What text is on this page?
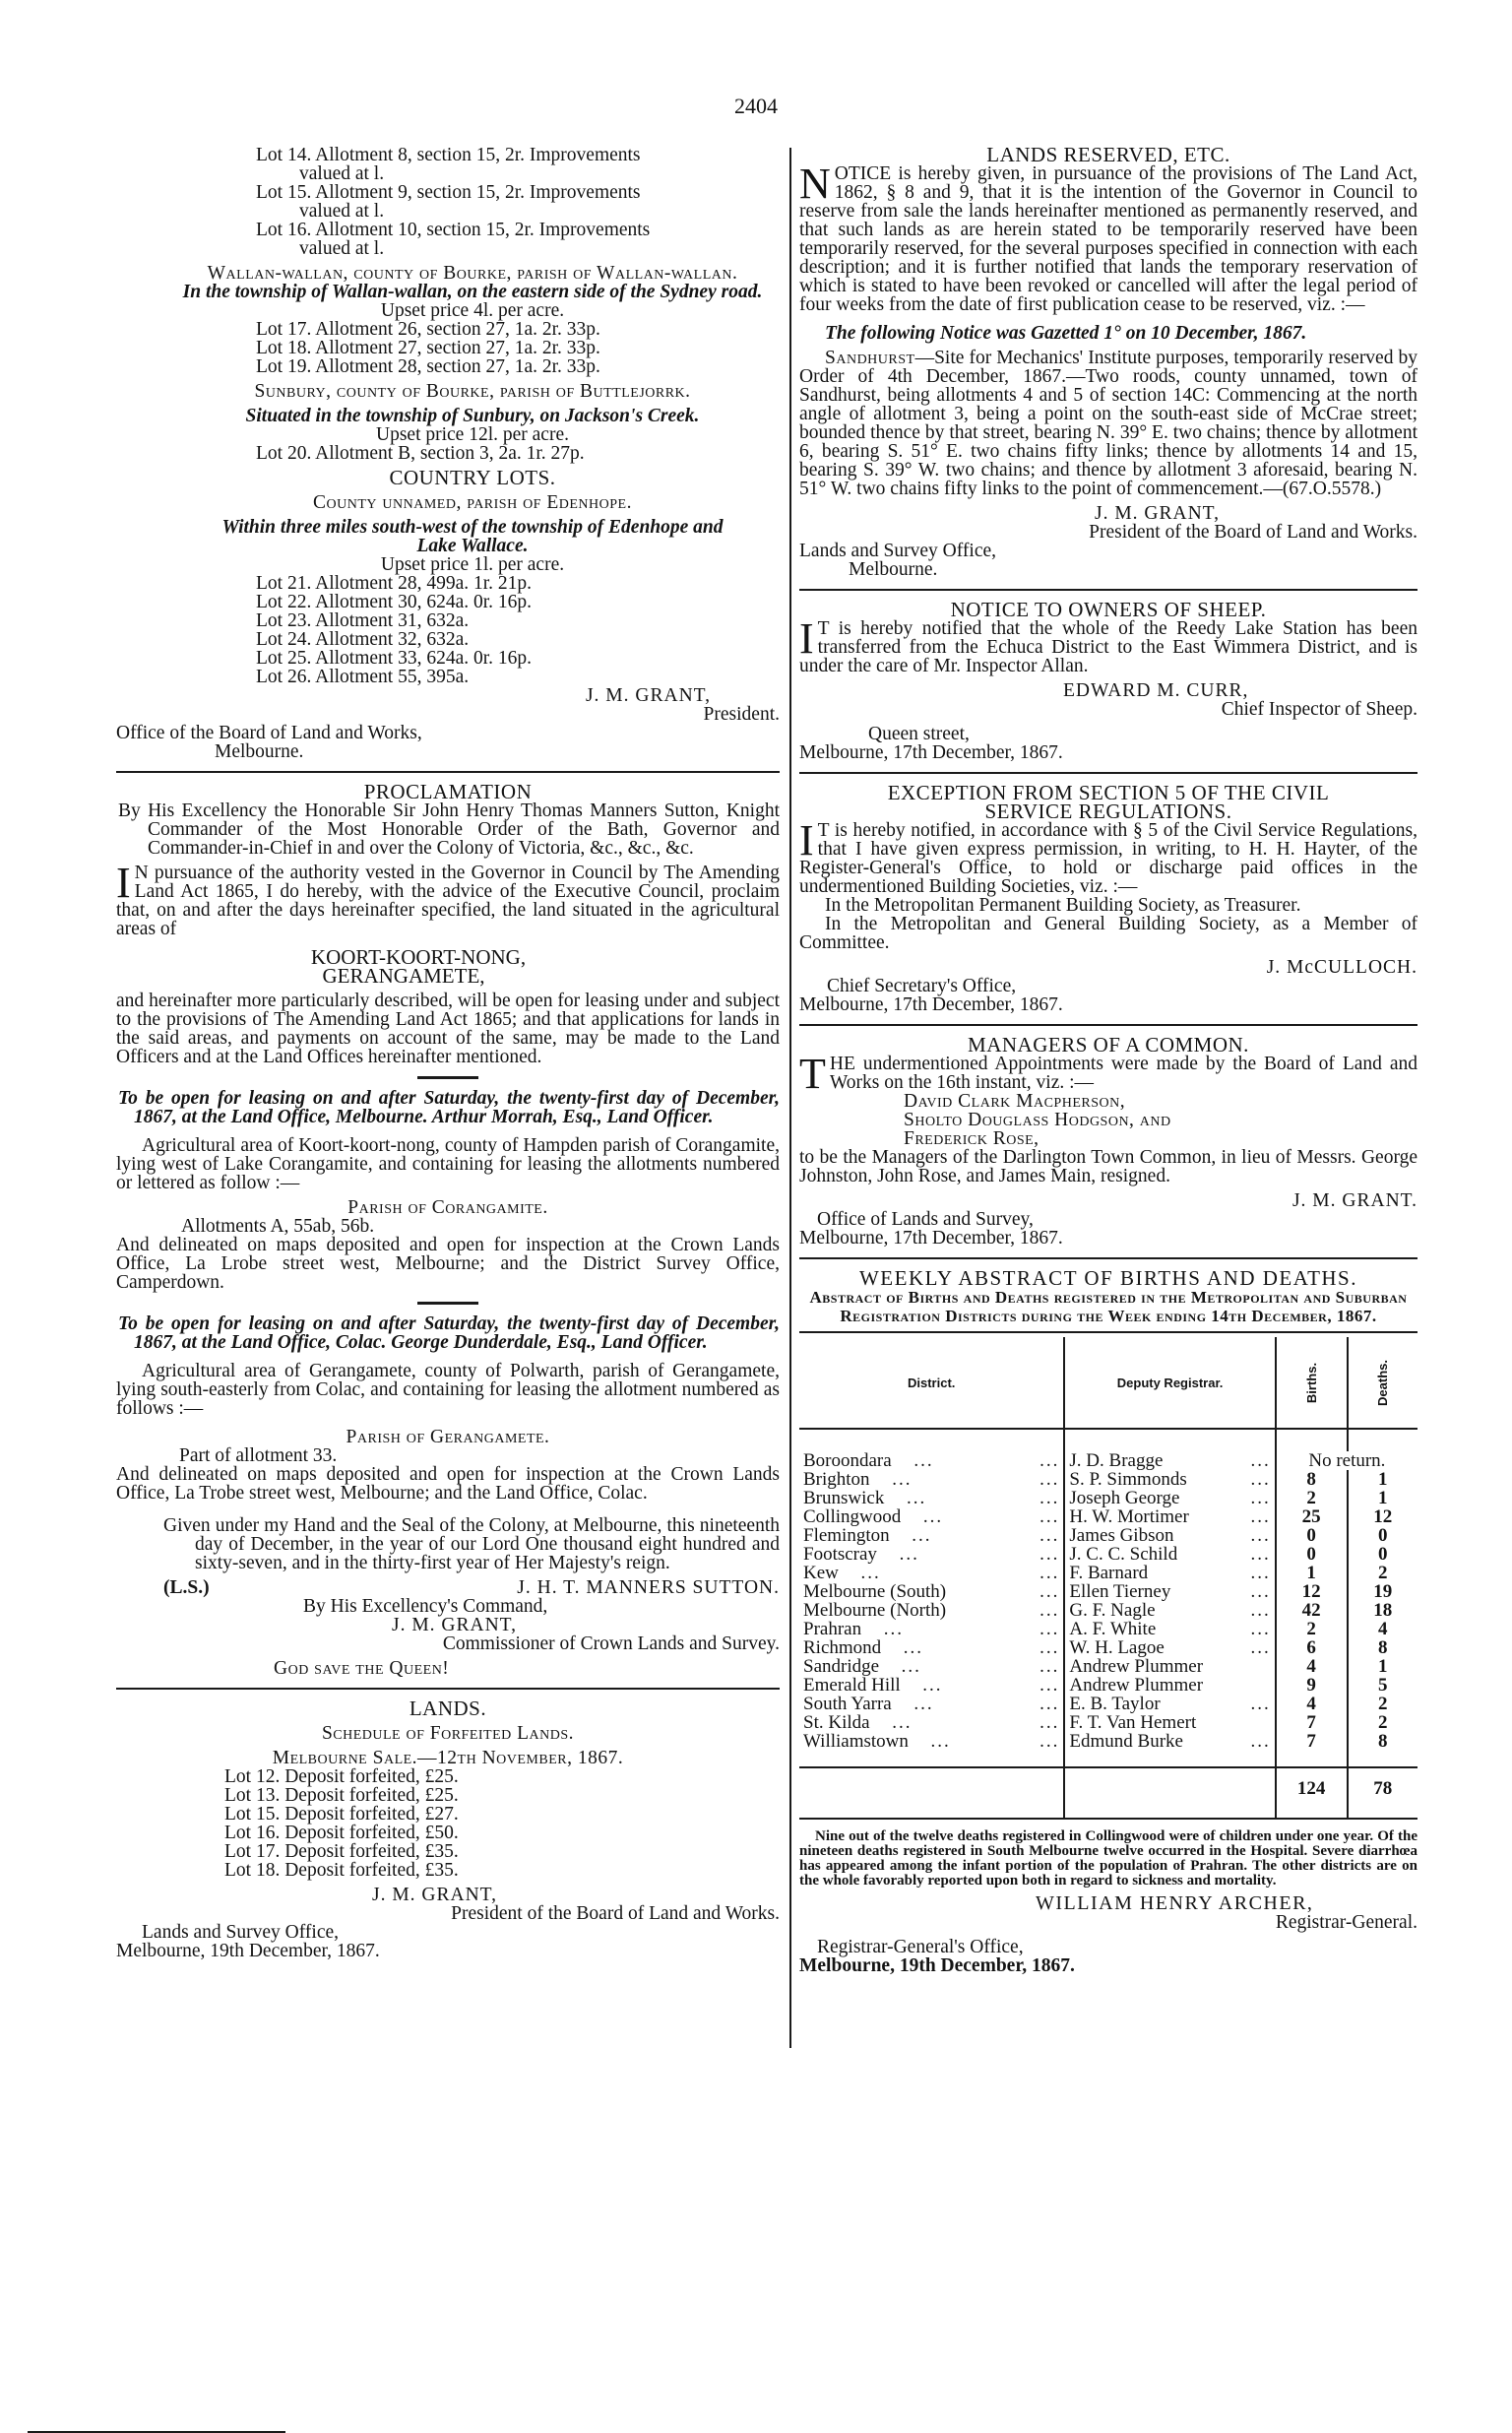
2404

Lot 14. Allotment 8, section 15, 2r. Improvements

valued at l.

Lot 15. Allotment 9, section 15, 2r. Improvements

valued at l.

Lot 16. Allotment 10, section 15, 2r. Improvements

valued at l.

Wallan-wallan, county of Bourke, parish of Wallan-wallan.

In the township of Wallan-wallan, on the eastern side of the Sydney road.

Upset price 4l. per acre.

Lot 17. Allotment 26, section 27, 1a. 2r. 33p.

Lot 18. Allotment 27, section 27, 1a. 2r. 33p.

Lot 19. Allotment 28, section 27, 1a. 2r. 33p.

Sunbury, county of Bourke, parish of Buttlejorrk.

Situated in the township of Sunbury, on Jackson's Creek.

Upset price 12l. per acre.

Lot 20. Allotment B, section 3, 2a. 1r. 27p.

COUNTRY LOTS.

County unnamed, parish of Edenhope.

Within three miles south-west of the township of Edenhope and Lake Wallace.

Upset price 1l. per acre.

Lot 21. Allotment 28, 499a. 1r. 21p.

Lot 22. Allotment 30, 624a. 0r. 16p.

Lot 23. Allotment 31, 632a.

Lot 24. Allotment 32, 632a.

Lot 25. Allotment 33, 624a. 0r. 16p.

Lot 26. Allotment 55, 395a.

J. M. GRANT,

President.

Office of the Board of Land and Works,

Melbourne.

PROCLAMATION

By His Excellency the Honorable Sir John Henry Thomas Manners Sutton, Knight Commander of the Most Honorable Order of the Bath, Governor and Commander-in-Chief in and over the Colony of Victoria, &c., &c., &c.

I N pursuance of the authority vested in the Governor in Council by The Amending Land Act 1865, I do hereby, with the advice of the Executive Council, proclaim that, on and after the days hereinafter specified, the land situated in the agricultural areas of

KOORT-KOORT-NONG,

GERANGAMETE,

and hereinafter more particularly described, will be open for leasing under and subject to the provisions of The Amending Land Act 1865; and that applications for lands in the said areas, and payments on account of the same, may be made to the Land Officers and at the Land Offices hereinafter mentioned.

To be open for leasing on and after Saturday, the twenty-first day of December, 1867, at the Land Office, Melbourne. Arthur Morrah, Esq., Land Officer.

Agricultural area of Koort-koort-nong, county of Hampden parish of Corangamite, lying west of Lake Corangamite, and containing for leasing the allotments numbered or lettered as follow :—

Parish of Corangamite.

Allotments A, 55ab, 56b.

And delineated on maps deposited and open for inspection at the Crown Lands Office, La Lrobe street west, Melbourne; and the District Survey Office, Camperdown.

To be open for leasing on and after Saturday, the twenty-first day of December, 1867, at the Land Office, Colac. George Dunderdale, Esq., Land Officer.

Agricultural area of Gerangamete, county of Polwarth, parish of Gerangamete, lying south-easterly from Colac, and containing for leasing the allotment numbered as follows :—

Parish of Gerangamete.

Part of allotment 33.

And delineated on maps deposited and open for inspection at the Crown Lands Office, La Trobe street west, Melbourne; and the Land Office, Colac.

Given under my Hand and the Seal of the Colony, at Melbourne, this nineteenth day of December, in the year of our Lord One thousand eight hundred and sixty-seven, and in the thirty-first year of Her Majesty's reign.

(L.S.)	J. H. T. MANNERS SUTTON.

By His Excellency's Command,

J. M. GRANT,

Commissioner of Crown Lands and Survey.

God save the Queen!

LANDS.

Schedule of Forfeited Lands.

Melbourne Sale.—12th November, 1867.

Lot 12. Deposit forfeited, £25.

Lot 13. Deposit forfeited, £25.

Lot 15. Deposit forfeited, £27.

Lot 16. Deposit forfeited, £50.

Lot 17. Deposit forfeited, £35.

Lot 18. Deposit forfeited, £35.

J. M. GRANT,

President of the Board of Land and Works.

Lands and Survey Office,

Melbourne, 19th December, 1867.

LANDS RESERVED, ETC.

NOTICE is hereby given, in pursuance of the provisions of The Land Act, 1862, § 8 and 9, that it is the intention of the Governor in Council to reserve from sale the lands hereinafter mentioned as permanently reserved, and that such lands as are herein stated to be temporarily reserved have been temporarily reserved, for the several purposes specified in connection with each description; and it is further notified that lands the temporary reservation of which is stated to have been revoked or cancelled will after the legal period of four weeks from the date of first publication cease to be reserved, viz. :—

The following Notice was Gazetted 1° on 10 December, 1867.

Sandhurst—Site for Mechanics' Institute purposes, temporarily reserved by Order of 4th December, 1867.—Two roods, county unnamed, town of Sandhurst, being allotments 4 and 5 of section 14C: Commencing at the north angle of allotment 3, being a point on the south-east side of McCrae street; bounded thence by that street, bearing N. 39° E. two chains; thence by allotment 6, bearing S. 51° E. two chains fifty links; thence by allotments 14 and 15, bearing S. 39° W. two chains; and thence by allotment 3 aforesaid, bearing N. 51° W. two chains fifty links to the point of commencement.—(67.O.5578.)

J. M. GRANT,

President of the Board of Land and Works.

Lands and Survey Office,

Melbourne.

NOTICE TO OWNERS OF SHEEP.

I T is hereby notified that the whole of the Reedy Lake Station has been transferred from the Echuca District to the East Wimmera District, and is under the care of Mr. Inspector Allan.

EDWARD M. CURR,

Chief Inspector of Sheep.

Queen street,

Melbourne, 17th December, 1867.

EXCEPTION FROM SECTION 5 OF THE CIVIL

SERVICE REGULATIONS.

I T is hereby notified, in accordance with § 5 of the Civil Service Regulations, that I have given express permission, in writing, to H. H. Hayter, of the Register-General's Office, to hold or discharge paid offices in the undermentioned Building Societies, viz. :—

In the Metropolitan Permanent Building Society, as Treasurer.

In the Metropolitan and General Building Society, as a Member of Committee.

J. McCULLOCH.

Chief Secretary's Office,

Melbourne, 17th December, 1867.

MANAGERS OF A COMMON.

THE undermentioned Appointments were made by the Board of Land and Works on the 16th instant, viz. :—

David Clark Macpherson,

Sholto Douglass Hodgson, and

Frederick Rose,

to be the Managers of the Darlington Town Common, in lieu of Messrs. George Johnston, John Rose, and James Main, resigned.

J. M. GRANT.

Office of Lands and Survey,

Melbourne, 17th December, 1867.

WEEKLY ABSTRACT OF BIRTHS AND DEATHS.

Abstract of Births and Deaths registered in the Metropolitan and Suburban Registration Districts during the Week ending 14th December, 1867.

District.	Deputy Registrar.	Births.	Deaths.

Boroondara ... ...	J. D. Bragge ...	No return.	
Brighton ... ...	S. P. Simmonds ...	8	1
Brunswick ... ...	Joseph George ...	2	1
Collingwood ... ...	H. W. Mortimer ...	25	12
Flemington ... ...	James Gibson ...	0	0
Footscray ... ...	J. C. C. Schild ...	0	0
Kew ... ...	F. Barnard ...	1	2
Melbourne (South) ...	Ellen Tierney ...	12	19
Melbourne (North) ...	G. F. Nagle ...	42	18
Prahran ... ...	A. F. White ...	2	4
Richmond ... ...	W. H. Lagoe ...	6	8
Sandridge ... ...	Andrew Plummer	4	1
Emerald Hill ... ...	Andrew Plummer	9	5
South Yarra ... ...	E. B. Taylor ...	4	2
St. Kilda ... ...	F. T. Van Hemert	7	2
Williamstown ... ...	Edmund Burke ...	7	8

		124	78

Nine out of the twelve deaths registered in Collingwood were of children under one year. Of the nineteen deaths registered in South Melbourne twelve occurred in the Hospital. Severe diarrhœa has appeared among the infant portion of the population of Prahran. The other districts are on the whole favorably reported upon both in regard to sickness and mortality.

WILLIAM HENRY ARCHER,

Registrar-General.

Registrar-General's Office,

Melbourne, 19th December, 1867.
